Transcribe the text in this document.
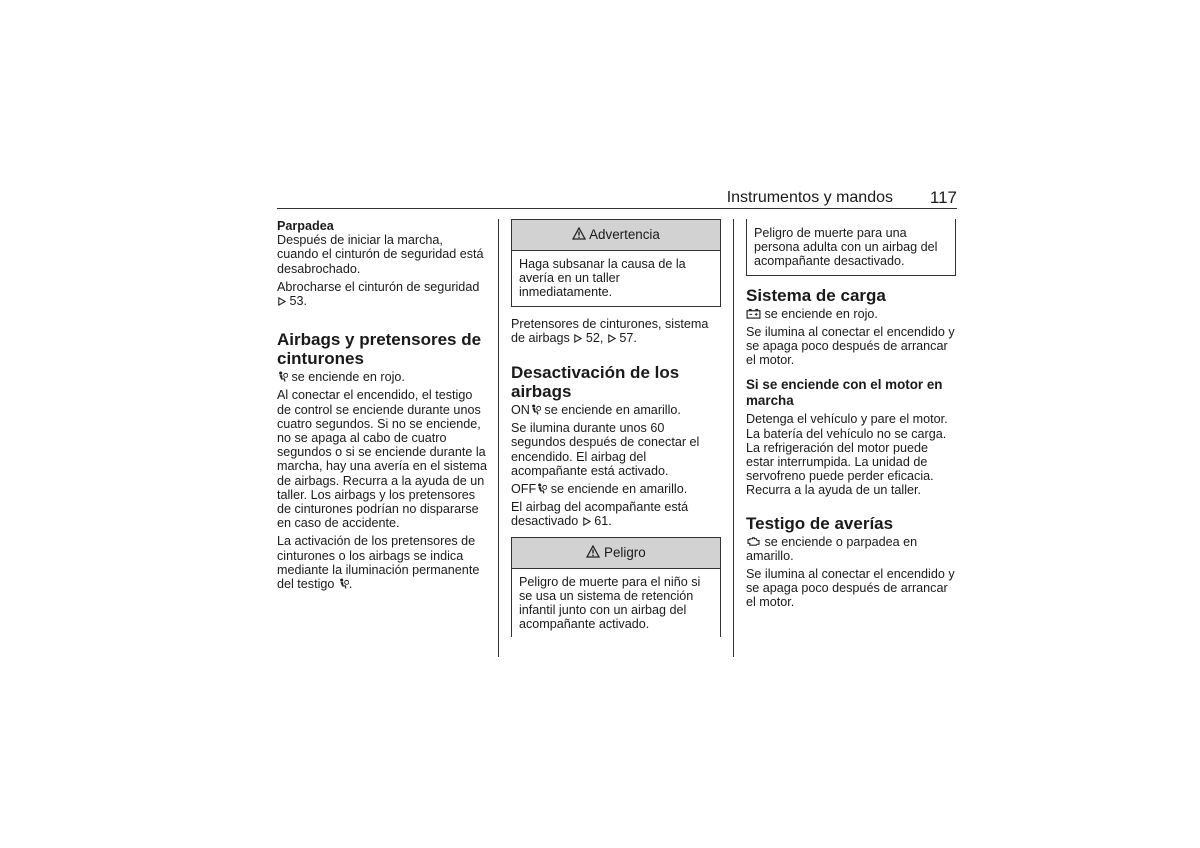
Instrumentos y mandos 117

Parpadea

Después de iniciar la marcha, cuando el cinturón de seguridad está desabrochado.

Abrocharse el cinturón de seguridad
53.

Airbags y pretensores de cinturones

se enciende en rojo.

Al conectar el encendido, el testigo de control se enciende durante unos cuatro segundos. Si no se enciende, no se apaga al cabo de cuatro segundos o si se enciende durante la marcha, hay una avería en el sistema de airbags. Recurra a la ayuda de un taller. Los airbags y los pretensores de cinturones podrían no dispararse en caso de accidente.

La activación de los pretensores de cinturones o los airbags se indica mediante la iluminación permanente del testigo .

Advertencia
Haga subsanar la causa de la avería en un taller inmediatamente.

Pretensores de cinturones, sistema de airbags 52, 57.

Desactivación de los airbags

ON se enciende en amarillo.

Se ilumina durante unos 60 segundos después de conectar el encendido. El airbag del acompañante está activado.

OFF se enciende en amarillo.

El airbag del acompañante está desactivado 61.

Peligro
Peligro de muerte para el niño si se usa un sistema de retención infantil junto con un airbag del acompañante activado.
Peligro de muerte para una persona adulta con un airbag del acompañante desactivado.

Sistema de carga

se enciende en rojo.

Se ilumina al conectar el encendido y se apaga poco después de arrancar el motor.

Si se enciende con el motor en marcha

Detenga el vehículo y pare el motor. La batería del vehículo no se carga. La refrigeración del motor puede estar interrumpida. La unidad de servofreno puede perder eficacia. Recurra a la ayuda de un taller.

Testigo de averías

se enciende o parpadea en amarillo.

Se ilumina al conectar el encendido y se apaga poco después de arrancar el motor.
